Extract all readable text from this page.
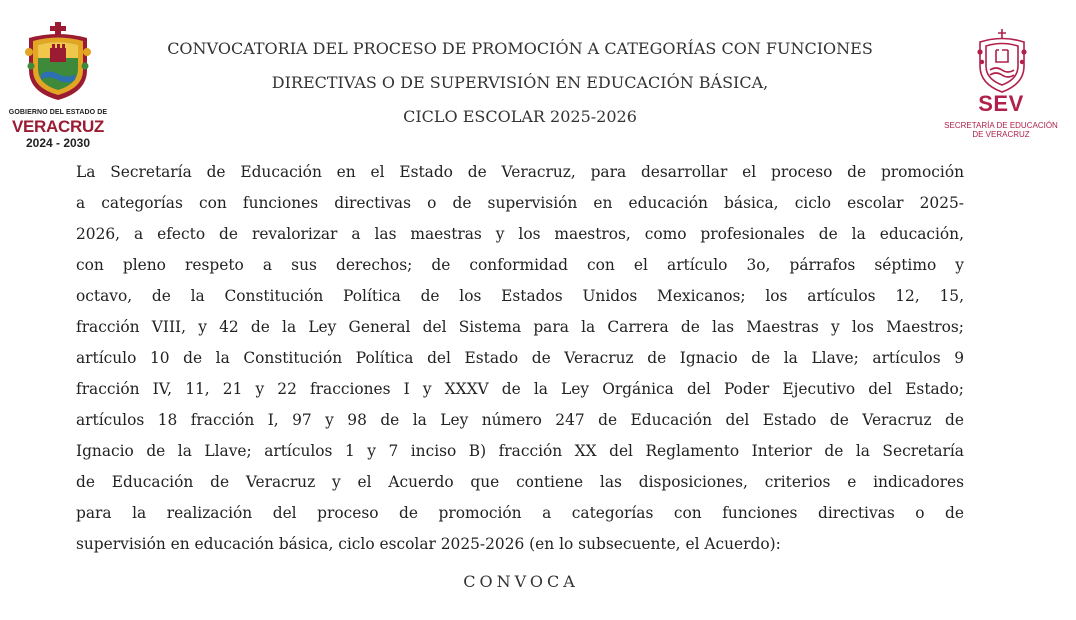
GOBIERNO DEL ESTADO DE
VERACRUZ
2024 - 2030
SEV
SECRETARÍA DE EDUCACIÓN
DE VERACRUZ
CONVOCATORIA DEL PROCESO DE PROMOCIÓN A CATEGORÍAS CON FUNCIONES
DIRECTIVAS O DE SUPERVISIÓN EN EDUCACIÓN BÁSICA,
CICLO ESCOLAR 2025-2026
La Secretaría de Educación en el Estado de Veracruz, para desarrollar el proceso de promoción
a categorías con funciones directivas o de supervisión en educación básica, ciclo escolar 2025-
2026, a efecto de revalorizar a las maestras y los maestros, como profesionales de la educación,
con pleno respeto a sus derechos; de conformidad con el artículo 3o, párrafos séptimo y
octavo, de la Constitución Política de los Estados Unidos Mexicanos; los artículos 12, 15,
fracción VIII, y 42 de la Ley General del Sistema para la Carrera de las Maestras y los Maestros;
artículo 10 de la Constitución Política del Estado de Veracruz de Ignacio de la Llave; artículos 9
fracción IV, 11, 21 y 22 fracciones I y XXXV de la Ley Orgánica del Poder Ejecutivo del Estado;
artículos 18 fracción I, 97 y 98 de la Ley número 247 de Educación del Estado de Veracruz de
Ignacio de la Llave; artículos 1 y 7 inciso B) fracción XX del Reglamento Interior de la Secretaría
de Educación de Veracruz y el Acuerdo que contiene las disposiciones, criterios e indicadores
para la realización del proceso de promoción a categorías con funciones directivas o de
supervisión en educación básica, ciclo escolar 2025-2026 (en lo subsecuente, el Acuerdo):
CONVOCA
